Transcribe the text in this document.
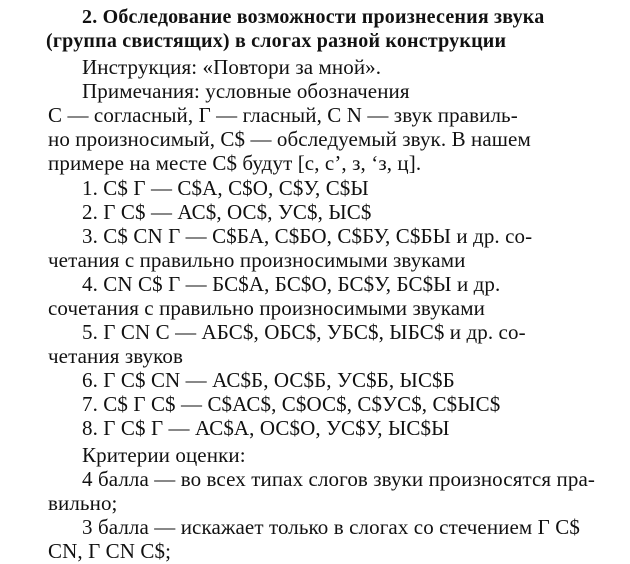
2. Обследование возможности произнесения звука
(группа свистящих) в слогах разной конструкции
Инструкция: «Повтори за мной».
Примечания: условные обозначения
С — согласный, Г — гласный, С N — звук правиль-
но произносимый, С$ — обследуемый звук. В нашем
примере на месте С$ будут [с, с’, з, ‘з, ц].
1. С$ Г — С$А, С$О, С$У, С$Ы
2. Г С$ — АС$, ОС$, УС$, ЫС$
3. С$ CN Г — С$БА, С$БО, С$БУ, С$БЫ и др. со-
четания с правильно произносимыми звуками
4. CN С$ Г — БС$А, БС$О, БС$У, БС$Ы и др.
сочетания с правильно произносимыми звуками
5. Г CN С — АБС$, ОБС$, УБС$, ЫБС$ и др. со-
четания звуков
6. Г С$ CN — АС$Б, ОС$Б, УС$Б, ЫС$Б
7. С$ Г С$ — С$АС$, С$ОС$, С$УС$, С$ЫС$
8. Г С$ Г — АС$А, ОС$О, УС$У, ЫС$Ы
Критерии оценки:
4 балла — во всех типах слогов звуки произносятся пра-
вильно;
3 балла — искажает только в слогах со стечением Г С$
CN, Г CN С$;
